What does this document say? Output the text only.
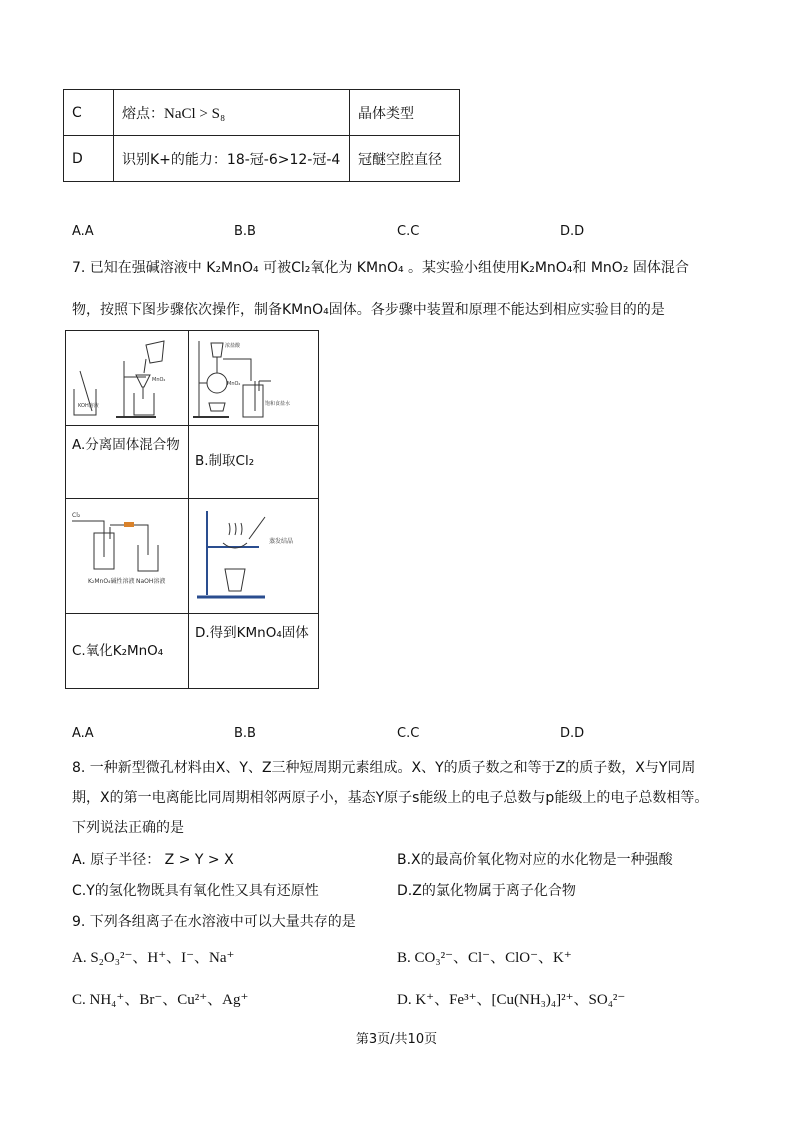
C	熔点：NaCl > S₈	晶体类型
D	识别K+的能力：18-冠-6>12-冠-4	冠醚空腔直径
A.A	B.B	C.C	D.D
7. 已知在强碱溶液中 K₂MnO₄ 可被Cl₂氧化为 KMnO₄ 。某实验小组使用K₂MnO₄和 MnO₂ 固体混合
物，按照下图步骤依次操作，制备KMnO₄固体。各步骤中装置和原理不能达到相应实验目的的是
KOH溶液
MnO₂
浓盐酸
MnO₂
饱和食盐水
A.分离固体混合物
B.制取Cl₂
Cl₂
K₂MnO₄碱性溶液 NaOH溶液
蒸发结晶
C.氧化K₂MnO₄
D.得到KMnO₄固体
A.A	B.B	C.C	D.D
8. 一种新型微孔材料由X、Y、Z三种短周期元素组成。X、Y的质子数之和等于Z的质子数，X与Y同周
期，X的第一电离能比同周期相邻两原子小，基态Y原子s能级上的电子总数与p能级上的电子总数相等。
下列说法正确的是
A. 原子半径： Z > Y > X	B.X的最高价氧化物对应的水化物是一种强酸
C.Y的氢化物既具有氧化性又具有还原性	D.Z的氯化物属于离子化合物
9. 下列各组离子在水溶液中可以大量共存的是
A. S₂O₃²⁻、H⁺、I⁻、Na⁺	B. CO₃²⁻、Cl⁻、ClO⁻、K⁺
C. NH₄⁺、Br⁻、Cu²⁺、Ag⁺	D. K⁺、Fe³⁺、[Cu(NH₃)₄]²⁺、SO₄²⁻
第3页/共10页
